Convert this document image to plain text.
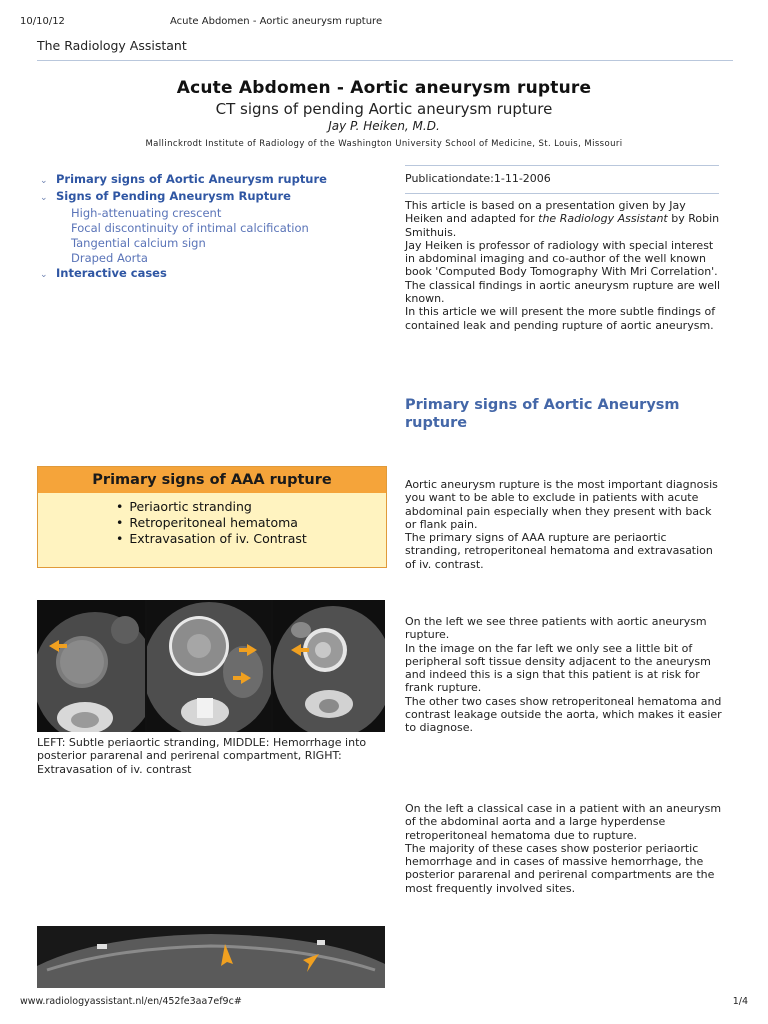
10/10/12	Acute Abdomen - Aortic aneurysm rupture
The Radiology Assistant
Acute Abdomen - Aortic aneurysm rupture
CT signs of pending Aortic aneurysm rupture
Jay P. Heiken, M.D.
Mallinckrodt Institute of Radiology of the Washington University School of Medicine, St. Louis, Missouri
⌄ Primary signs of Aortic Aneurysm rupture
⌄ Signs of Pending Aneurysm Rupture
High-attenuating crescent
Focal discontinuity of intimal calcification
Tangential calcium sign
Draped Aorta
⌄ Interactive cases
Publicationdate:1-11-2006

This article is based on a presentation given by Jay Heiken and adapted for the Radiology Assistant by Robin Smithuis.

Jay Heiken is professor of radiology with special interest in abdominal imaging and co-author of the well known book 'Computed Body Tomography With Mri Correlation'.

The classical findings in aortic aneurysm rupture are well known.

In this article we will present the more subtle findings of contained leak and pending rupture of aortic aneurysm.

Primary signs of Aortic Aneurysm rupture
Primary signs of AAA rupture
• Periaortic stranding
• Retroperitoneal hematoma
• Extravasation of iv. Contrast

Aortic aneurysm rupture is the most important diagnosis you want to be able to exclude in patients with acute abdominal pain especially when they present with back or flank pain.

The primary signs of AAA rupture are periaortic stranding, retroperitoneal hematoma and extravasation of iv. contrast.

LEFT: Subtle periaortic stranding, MIDDLE: Hemorrhage into posterior pararenal and perirenal compartment, RIGHT: Extravasation of iv. contrast

On the left we see three patients with aortic aneurysm rupture.

In the image on the far left we only see a little bit of peripheral soft tissue density adjacent to the aneurysm and indeed this is a sign that this patient is at risk for frank rupture.

The other two cases show retroperitoneal hematoma and contrast leakage outside the aorta, which makes it easier to diagnose.

On the left a classical case in a patient with an aneurysm of the abdominal aorta and a large hyperdense retroperitoneal hematoma due to rupture.

The majority of these cases show posterior periaortic hemorrhage and in cases of massive hemorrhage, the posterior pararenal and perirenal compartments are the most frequently involved sites.

www.radiologyassistant.nl/en/452fe3aa7ef9c#	1/4
